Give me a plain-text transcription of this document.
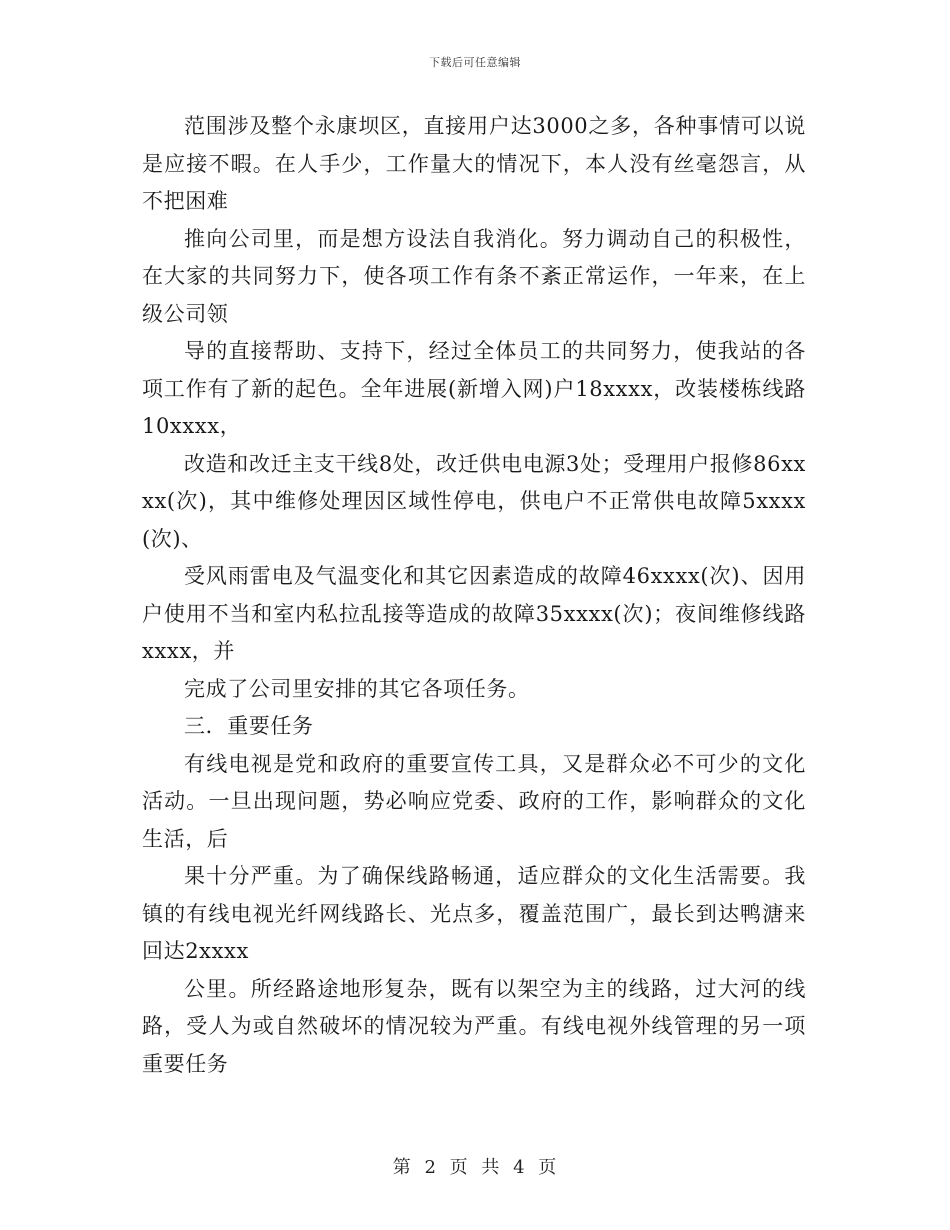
下载后可任意编辑

范围涉及整个永康坝区，直接用户达3000之多，各种事情可以说是应接不暇。在人手少，工作量大的情况下，本人没有丝毫怨言，从不把困难

推向公司里，而是想方设法自我消化。努力调动自己的积极性，在大家的共同努力下，使各项工作有条不紊正常运作，一年来，在上级公司领

导的直接帮助、支持下，经过全体员工的共同努力，使我站的各项工作有了新的起色。全年进展(新增入网)户18xxxx，改装楼栋线路10xxxx，

改造和改迁主支干线8处，改迁供电电源3处；受理用户报修86xxxx(次)，其中维修处理因区域性停电，供电户不正常供电故障5xxxx(次)、

受风雨雷电及气温变化和其它因素造成的故障46xxxx(次)、因用户使用不当和室内私拉乱接等造成的故障35xxxx(次)；夜间维修线路xxxx，并

完成了公司里安排的其它各项任务。

三．重要任务

有线电视是党和政府的重要宣传工具，又是群众必不可少的文化活动。一旦出现问题，势必响应党委、政府的工作，影响群众的文化生活，后

果十分严重。为了确保线路畅通，适应群众的文化生活需要。我镇的有线电视光纤网线路长、光点多，覆盖范围广，最长到达鸭溏来回达2xxxx

公里。所经路途地形复杂，既有以架空为主的线路，过大河的线路，受人为或自然破坏的情况较为严重。有线电视外线管理的另一项重要任务

第 2 页 共 4 页
